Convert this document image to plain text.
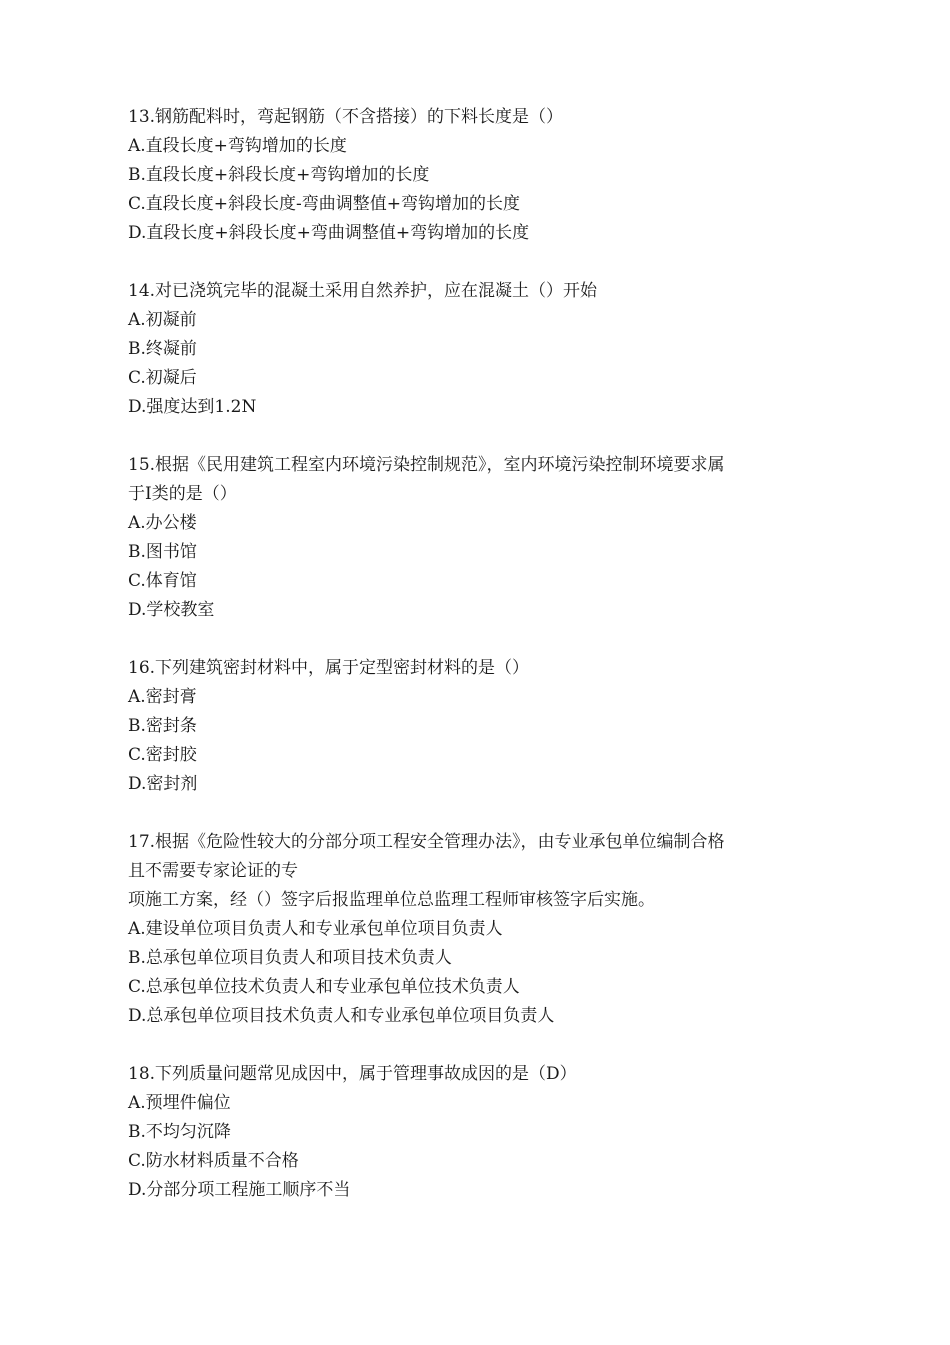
13.钢筋配料时，弯起钢筋（不含搭接）的下料长度是（）
A.直段长度+弯钩增加的长度
B.直段长度+斜段长度+弯钩增加的长度
C.直段长度+斜段长度-弯曲调整值+弯钩增加的长度
D.直段长度+斜段长度+弯曲调整值+弯钩增加的长度
14.对已浇筑完毕的混凝土采用自然养护，应在混凝土（）开始
A.初凝前
B.终凝前
C.初凝后
D.强度达到1.2N
15.根据《民用建筑工程室内环境污染控制规范》，室内环境污染控制环境要求属
于Ⅰ类的是（）
A.办公楼
B.图书馆
C.体育馆
D.学校教室
16.下列建筑密封材料中，属于定型密封材料的是（）
A.密封膏
B.密封条
C.密封胶
D.密封剂
17.根据《危险性较大的分部分项工程安全管理办法》，由专业承包单位编制合格
且不需要专家论证的专
项施工方案，经（）签字后报监理单位总监理工程师审核签字后实施。
A.建设单位项目负责人和专业承包单位项目负责人
B.总承包单位项目负责人和项目技术负责人
C.总承包单位技术负责人和专业承包单位技术负责人
D.总承包单位项目技术负责人和专业承包单位项目负责人
18.下列质量问题常见成因中，属于管理事故成因的是（D）
A.预埋件偏位
B.不均匀沉降
C.防水材料质量不合格
D.分部分项工程施工顺序不当
